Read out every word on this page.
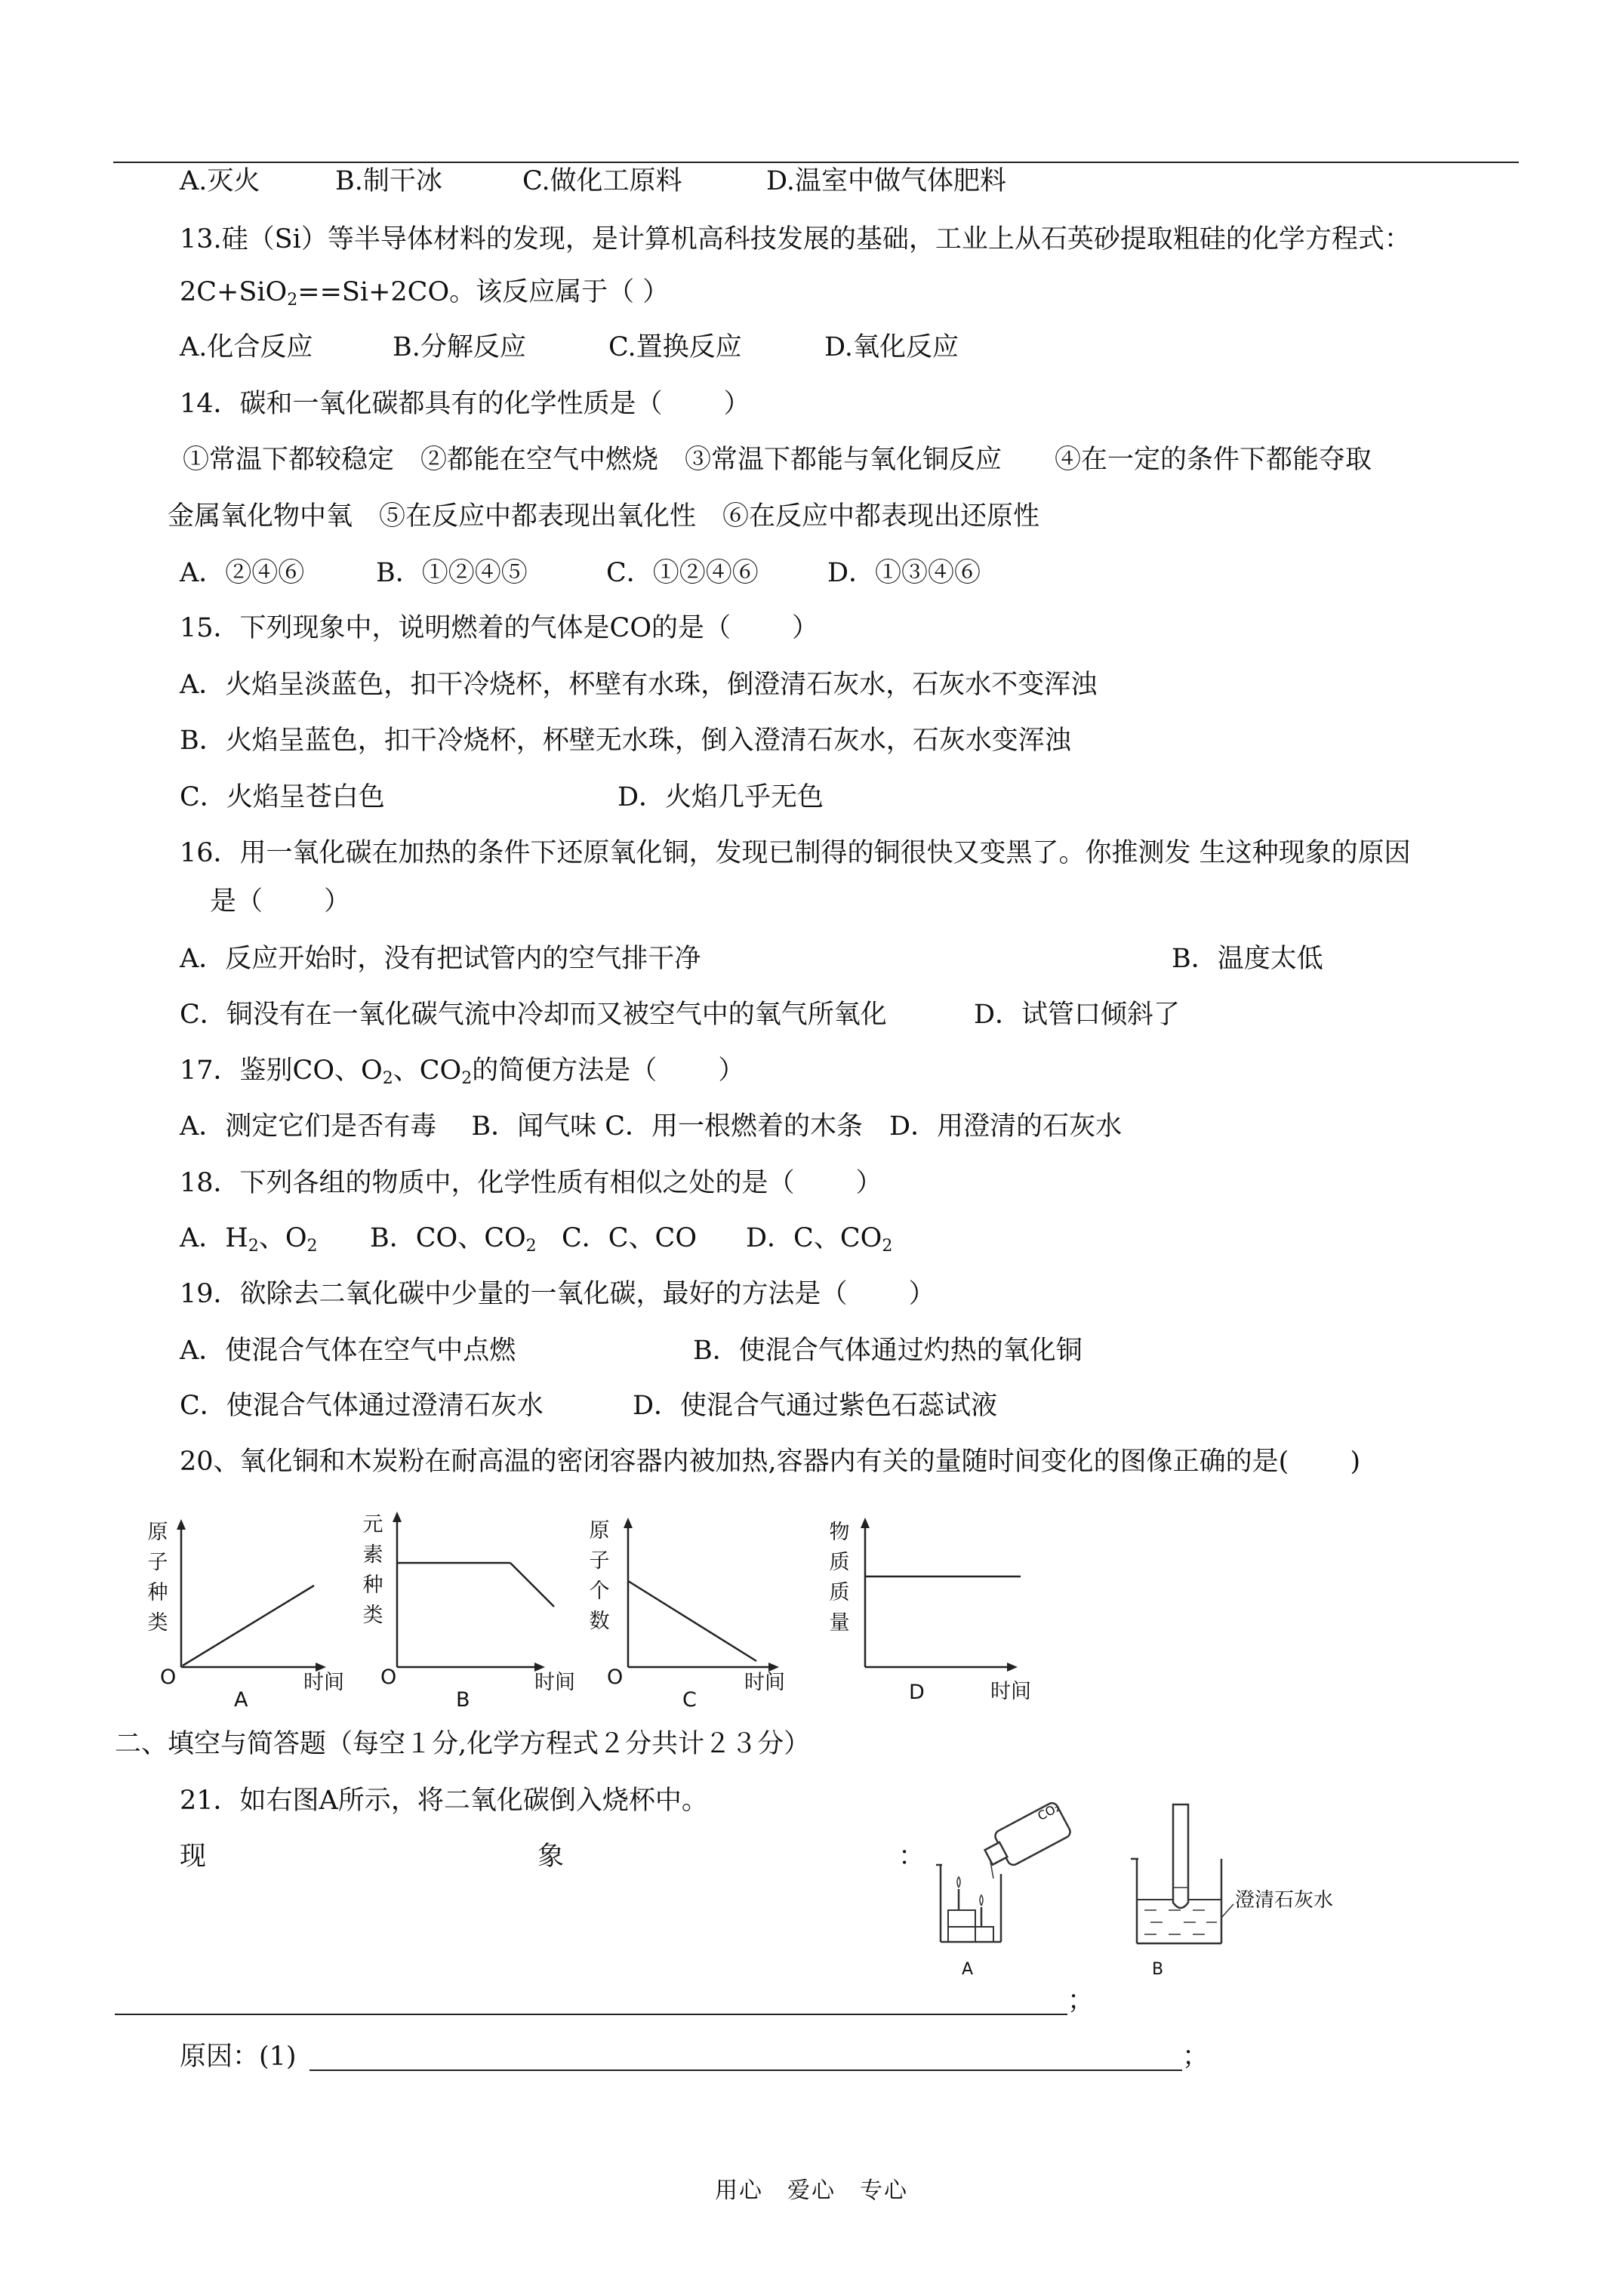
A.灭火	B.制干冰	C.做化工原料	D.温室中做气体肥料
13.硅（Si）等半导体材料的发现，是计算机高科技发展的基础，工业上从石英砂提取粗硅的化学方程式：
2C+SiO$_2$==Si+2CO。该反应属于（ ）
A.化合反应	B.分解反应	C.置换反应	D.氧化反应
14．碳和一氧化碳都具有的化学性质是（　　 ）
①常温下都较稳定　②都能在空气中燃烧　③常温下都能与氧化铜反应　　④在一定的条件下都能夺取
金属氧化物中氧　⑤在反应中都表现出氧化性　⑥在反应中都表现出还原性
A．②④⑥	B．①②④⑤	C．①②④⑥	D．①③④⑥
15．下列现象中，说明燃着的气体是CO的是（　　 ）
A．火焰呈淡蓝色，扣干冷烧杯，杯壁有水珠，倒澄清石灰水，石灰水不变浑浊
B．火焰呈蓝色，扣干冷烧杯，杯壁无水珠，倒入澄清石灰水，石灰水变浑浊
C．火焰呈苍白色	D．火焰几乎无色
16．用一氧化碳在加热的条件下还原氧化铜，发现已制得的铜很快又变黑了。你推测发 生这种现象的原因
是（　　 ）
A．反应开始时，没有把试管内的空气排干净	B．温度太低
C．铜没有在一氧化碳气流中冷却而又被空气中的氧气所氧化	D．试管口倾斜了
17．鉴别CO、$O_2$、$CO_2$的简便方法是（　　 ）
A．测定它们是否有毒　 B．闻气味 C．用一根燃着的木条　D．用澄清的石灰水
18．下列各组的物质中，化学性质有相似之处的是（　　 ）
A．$H_2$、$O_2$ B．CO、$CO_2$ C．C、CO D．C、$CO_2$
19．欲除去二氧化碳中少量的一氧化碳，最好的方法是（　　 ）
A．使混合气体在空气中点燃	B．使混合气体通过灼热的氧化铜
C．使混合气体通过澄清石灰水	D．使混合气通过紫色石蕊试液
20、氧化铜和木炭粉在耐高温的密闭容器内被加热,容器内有关的量随时间变化的图像正确的是(　　 )
原子种类
O	时间
A
元素种类
O	时间
B
原子个数
O	时间
C
物质质量
时间
D
二、填空与简答题（每空１分,化学方程式２分共计２３分）
21．如右图A所示，将二氧化碳倒入烧杯中。
现	象	：
CO₂
澄清石灰水
A	B
；
原因：(1)	；
用心　爱心　专心
